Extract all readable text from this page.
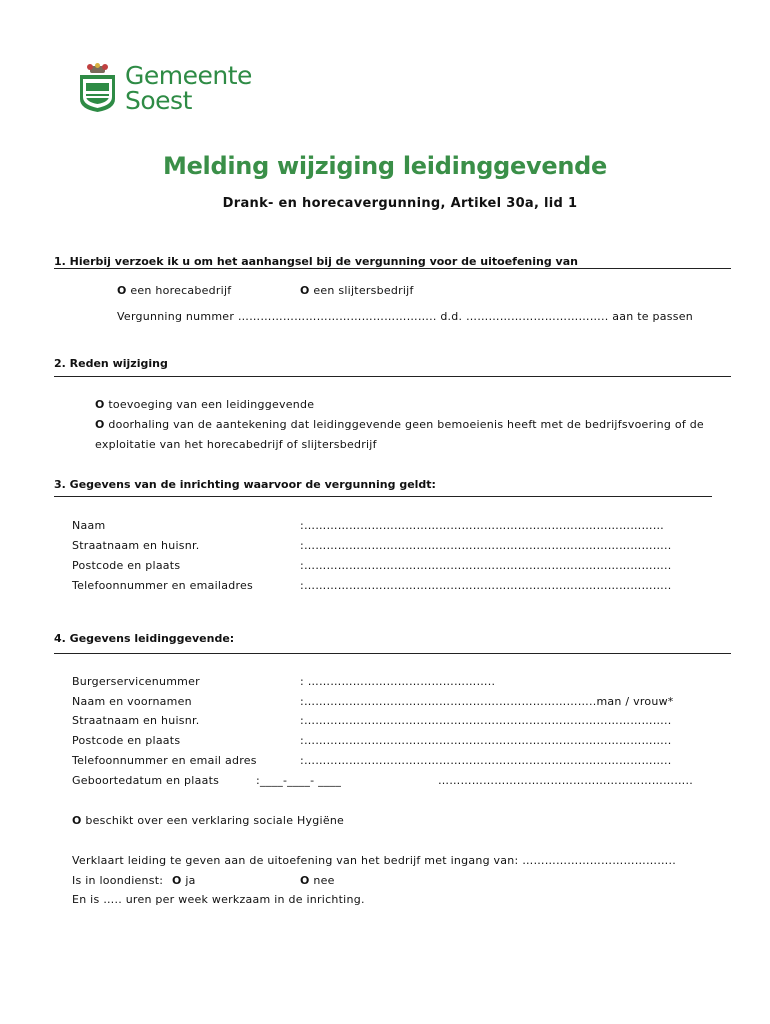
Gemeente
Soest
Melding wijziging leidinggevende
Drank- en horecavergunning, Artikel 30a, lid 1
1. Hierbij verzoek ik u om het aanhangsel bij de vergunning voor de uitoefening van
O een horecabedrijf	O een slijtersbedrijf
Vergunning nummer …………………………………………….. d.d. ……………………………….. aan te passen
2. Reden wijziging
O toevoeging van een leidinggevende
O doorhaling van de aantekening dat leidinggevende geen bemoeienis heeft met de bedrijfsvoering of de
exploitatie van het horecabedrijf of slijtersbedrijf
3. Gegevens van de inrichting waarvoor de vergunning geldt:
Naam	:……………………………………………………………………………………
Straatnaam en huisnr.	:……………………………………………………………………………………..
Postcode en plaats	:……………………………………………………………………………………..
Telefoonnummer en emailadres	:……………………………………………………………………………………..
4. Gegevens leidinggevende:
Burgerservicenummer	: …………………………………………..
Naam en voornamen	:…………………………………………….……………………..man / vrouw*
Straatnaam en huisnr.	:……………………………………………………………………………………..
Postcode en plaats	:……………………………………………………………………………………..
Telefoonnummer en email adres	:……………………………………………………………………………………..
Geboortedatum en plaats	:____-____- ____	…………………………………………………………..
O beschikt over een verklaring sociale Hygiëne
Verklaart leiding te geven aan de uitoefening van het bedrijf met ingang van: …………………………………..
Is in loondienst: O ja	O nee
En is ….. uren per week werkzaam in de inrichting.
